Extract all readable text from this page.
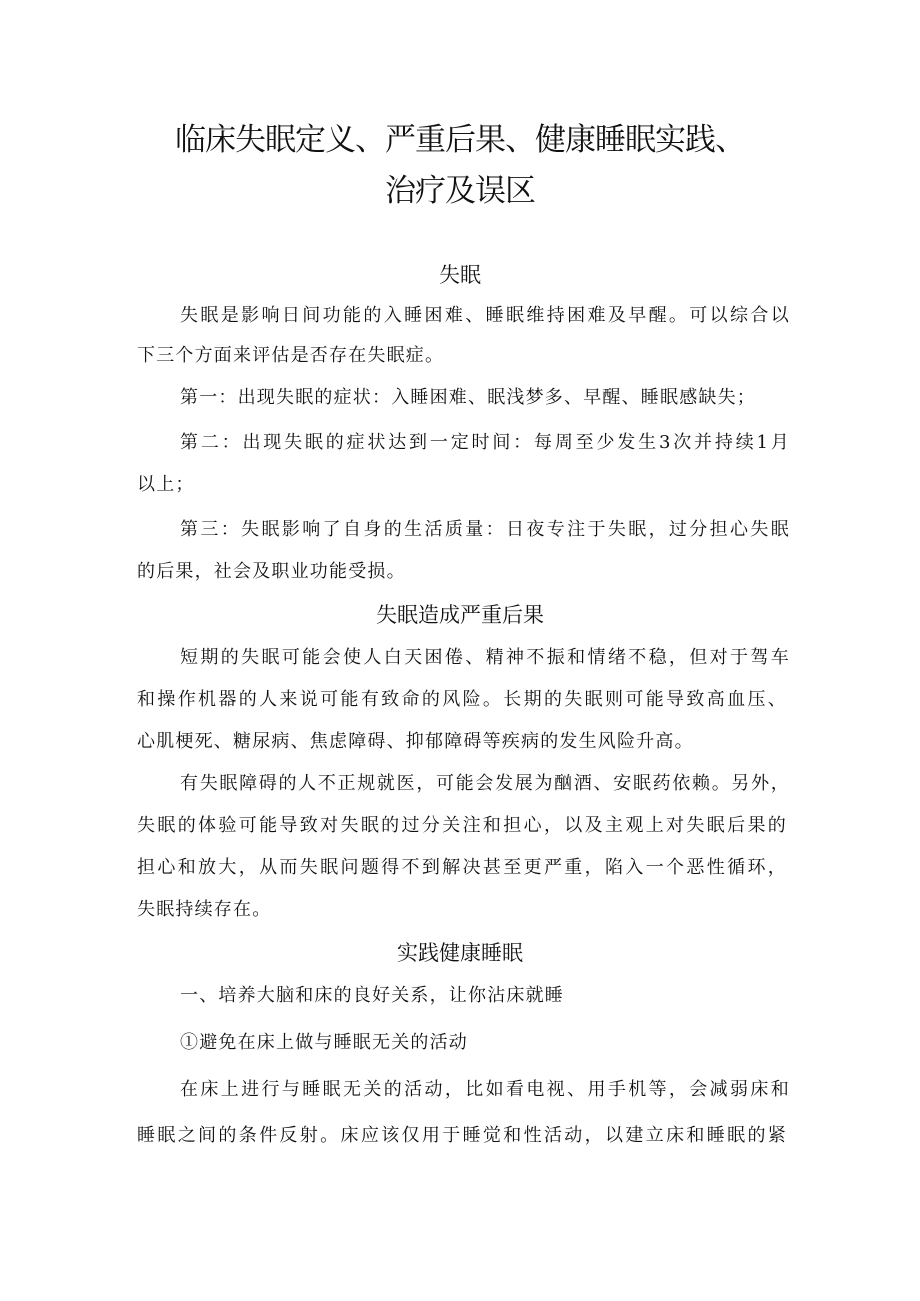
临床失眠定义、严重后果、健康睡眠实践、
治疗及误区
失眠

失眠是影响日间功能的入睡困难、睡眠维持困难及早醒。可以综合以

下三个方面来评估是否存在失眠症。

第一：出现失眠的症状：入睡困难、眠浅梦多、早醒、睡眠感缺失；

第二：出现失眠的症状达到一定时间：每周至少发生3次并持续1月

以上；

第三：失眠影响了自身的生活质量：日夜专注于失眠，过分担心失眠

的后果，社会及职业功能受损。

失眠造成严重后果

短期的失眠可能会使人白天困倦、精神不振和情绪不稳，但对于驾车

和操作机器的人来说可能有致命的风险。长期的失眠则可能导致高血压、

心肌梗死、糖尿病、焦虑障碍、抑郁障碍等疾病的发生风险升高。

有失眠障碍的人不正规就医，可能会发展为酗酒、安眠药依赖。另外，

失眠的体验可能导致对失眠的过分关注和担心，以及主观上对失眠后果的

担心和放大，从而失眠问题得不到解决甚至更严重，陷入一个恶性循环，

失眠持续存在。

实践健康睡眠

一、培养大脑和床的良好关系，让你沾床就睡

①避免在床上做与睡眠无关的活动

在床上进行与睡眠无关的活动，比如看电视、用手机等，会减弱床和

睡眠之间的条件反射。床应该仅用于睡觉和性活动，以建立床和睡眠的紧
